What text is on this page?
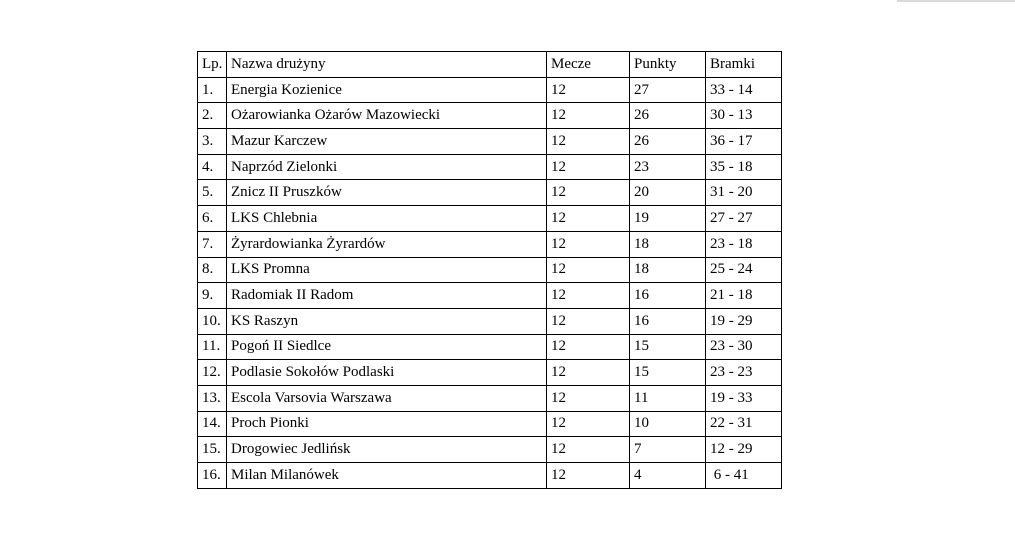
Lp.	Nazwa drużyny	Mecze	Punkty	Bramki
1.	Energia Kozienice	12	27	33 - 14
2.	Ożarowianka Ożarów Mazowiecki	12	26	30 - 13
3.	Mazur Karczew	12	26	36 - 17
4.	Naprzód Zielonki	12	23	35 - 18
5.	Znicz II Pruszków	12	20	31 - 20
6.	LKS Chlebnia	12	19	27 - 27
7.	Żyrardowianka Żyrardów	12	18	23 - 18
8.	LKS Promna	12	18	25 - 24
9.	Radomiak II Radom	12	16	21 - 18
10.	KS Raszyn	12	16	19 - 29
11.	Pogoń II Siedlce	12	15	23 - 30
12.	Podlasie Sokołów Podlaski	12	15	23 - 23
13.	Escola Varsovia Warszawa	12	11	19 - 33
14.	Proch Pionki	12	10	22 - 31
15.	Drogowiec Jedlińsk	12	7	12 - 29
16.	Milan Milanówek	12	4	6 - 41
